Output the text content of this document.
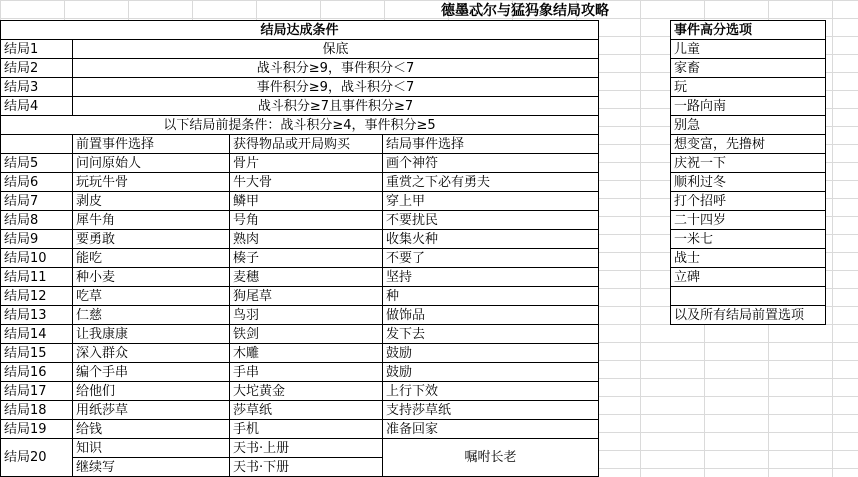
德墨忒尔与猛犸象结局攻略
结局达成条件			
结局1	保底		
结局2	战斗积分≥9，事件积分＜7		
结局3	事件积分≥9，战斗积分＜7		
结局4	战斗积分≥7且事件积分≥7		
以下结局前提条件：战斗积分≥4，事件积分≥5			
	前置事件选择	获得物品或开局购买	结局事件选择
结局5	问问原始人	骨片	画个神符
结局6	玩玩牛骨	牛大骨	重赏之下必有勇夫
结局7	剥皮	鳞甲	穿上甲
结局8	犀牛角	号角	不要扰民
结局9	要勇敢	熟肉	收集火种
结局10	能吃	楱子	不要了
结局11	种小麦	麦穗	坚持
结局12	吃草	狗尾草	种
结局13	仁慈	鸟羽	做饰品
结局14	让我康康	铁剑	发下去
结局15	深入群众	木雕	鼓励
结局16	编个手串	手串	鼓励
结局17	给他们	大坨黄金	上行下效
结局18	用纸莎草	莎草纸	支持莎草纸
结局19	给钱	手机	准备回家
结局20	知识	天书·上册	嘱咐长老
	继续写	天书·下册	
事件高分选项
儿童
家畜
玩
一路向南
别急
想变富，先撸树
庆祝一下
顺利过冬
打个招呼
二十四岁
一米七
战士
立碑

以及所有结局前置选项
